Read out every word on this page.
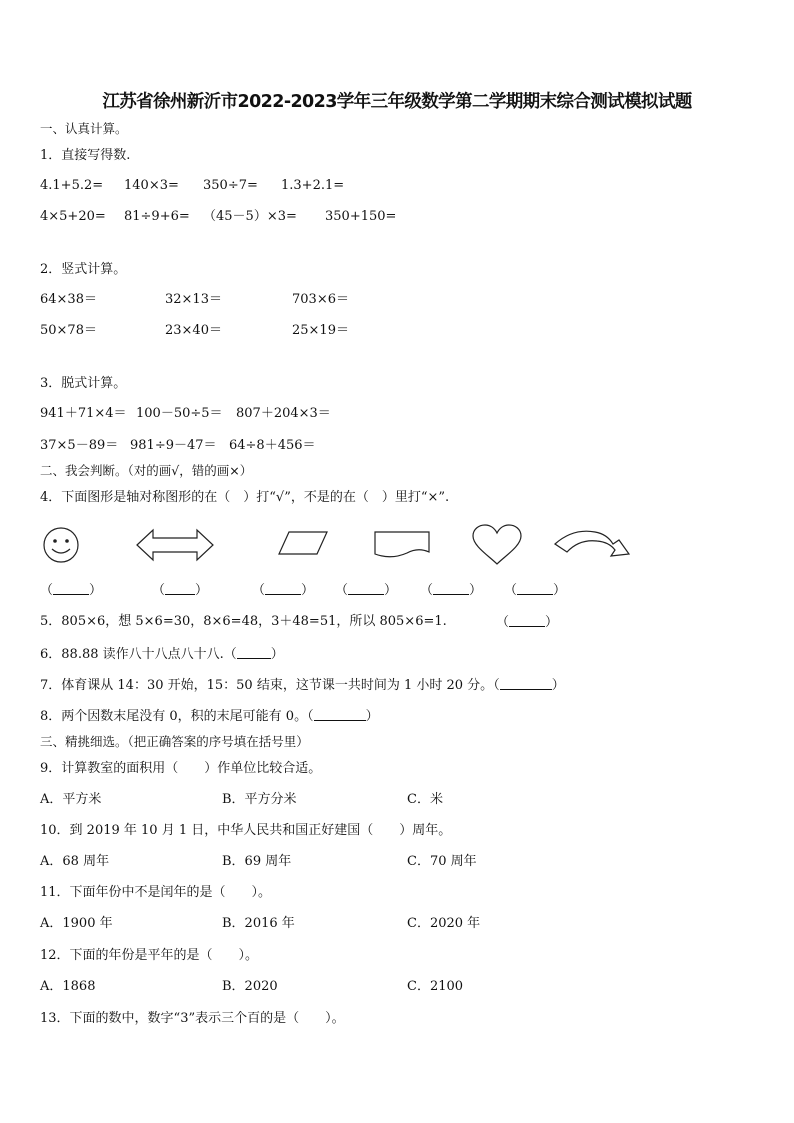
江苏省徐州新沂市2022-2023学年三年级数学第二学期期末综合测试模拟试题
一、认真计算。
1．直接写得数.
4.1+5.2= 140×3= 350÷7= 1.3+2.1=
4×5+20= 81÷9+6= （45－5）×3= 350+150=
2．竖式计算。
64×38＝	32×13＝	703×6＝
50×78＝	23×40＝	25×19＝
3．脱式计算。
941＋71×4＝ 100－50÷5＝ 807＋204×3＝
37×5－89＝ 981÷9－47＝ 64÷8＋456＝
二、我会判断。（对的画√，错的画×）
4．下面图形是轴对称图形的在（　）打“√”，不是的在（　）里打“×”.
（	）	（ ）	（	） （	） （	） （	）
5．805×6，想 5×6=30，8×6=48，3＋48=51，所以 805×6=1.	（	）
6．88.88 读作八十八点八十八.（	）
7．体育课从 14：30 开始，15：50 结束，这节课一共时间为 1 小时 20 分。（	）
8．两个因数末尾没有 0，积的末尾可能有 0。（	）
三、精挑细选。（把正确答案的序号填在括号里）
9．计算教室的面积用（　　）作单位比较合适。
A．平方米	B．平方分米	C．米
10．到 2019 年 10 月 1 日，中华人民共和国正好建国（　　）周年。
A．68 周年	B．69 周年	C．70 周年
11．下面年份中不是闰年的是（　　）。
A．1900 年	B．2016 年	C．2020 年
12．下面的年份是平年的是（　　）。
A．1868	B．2020	C．2100
13．下面的数中，数字“3”表示三个百的是（　　）。
